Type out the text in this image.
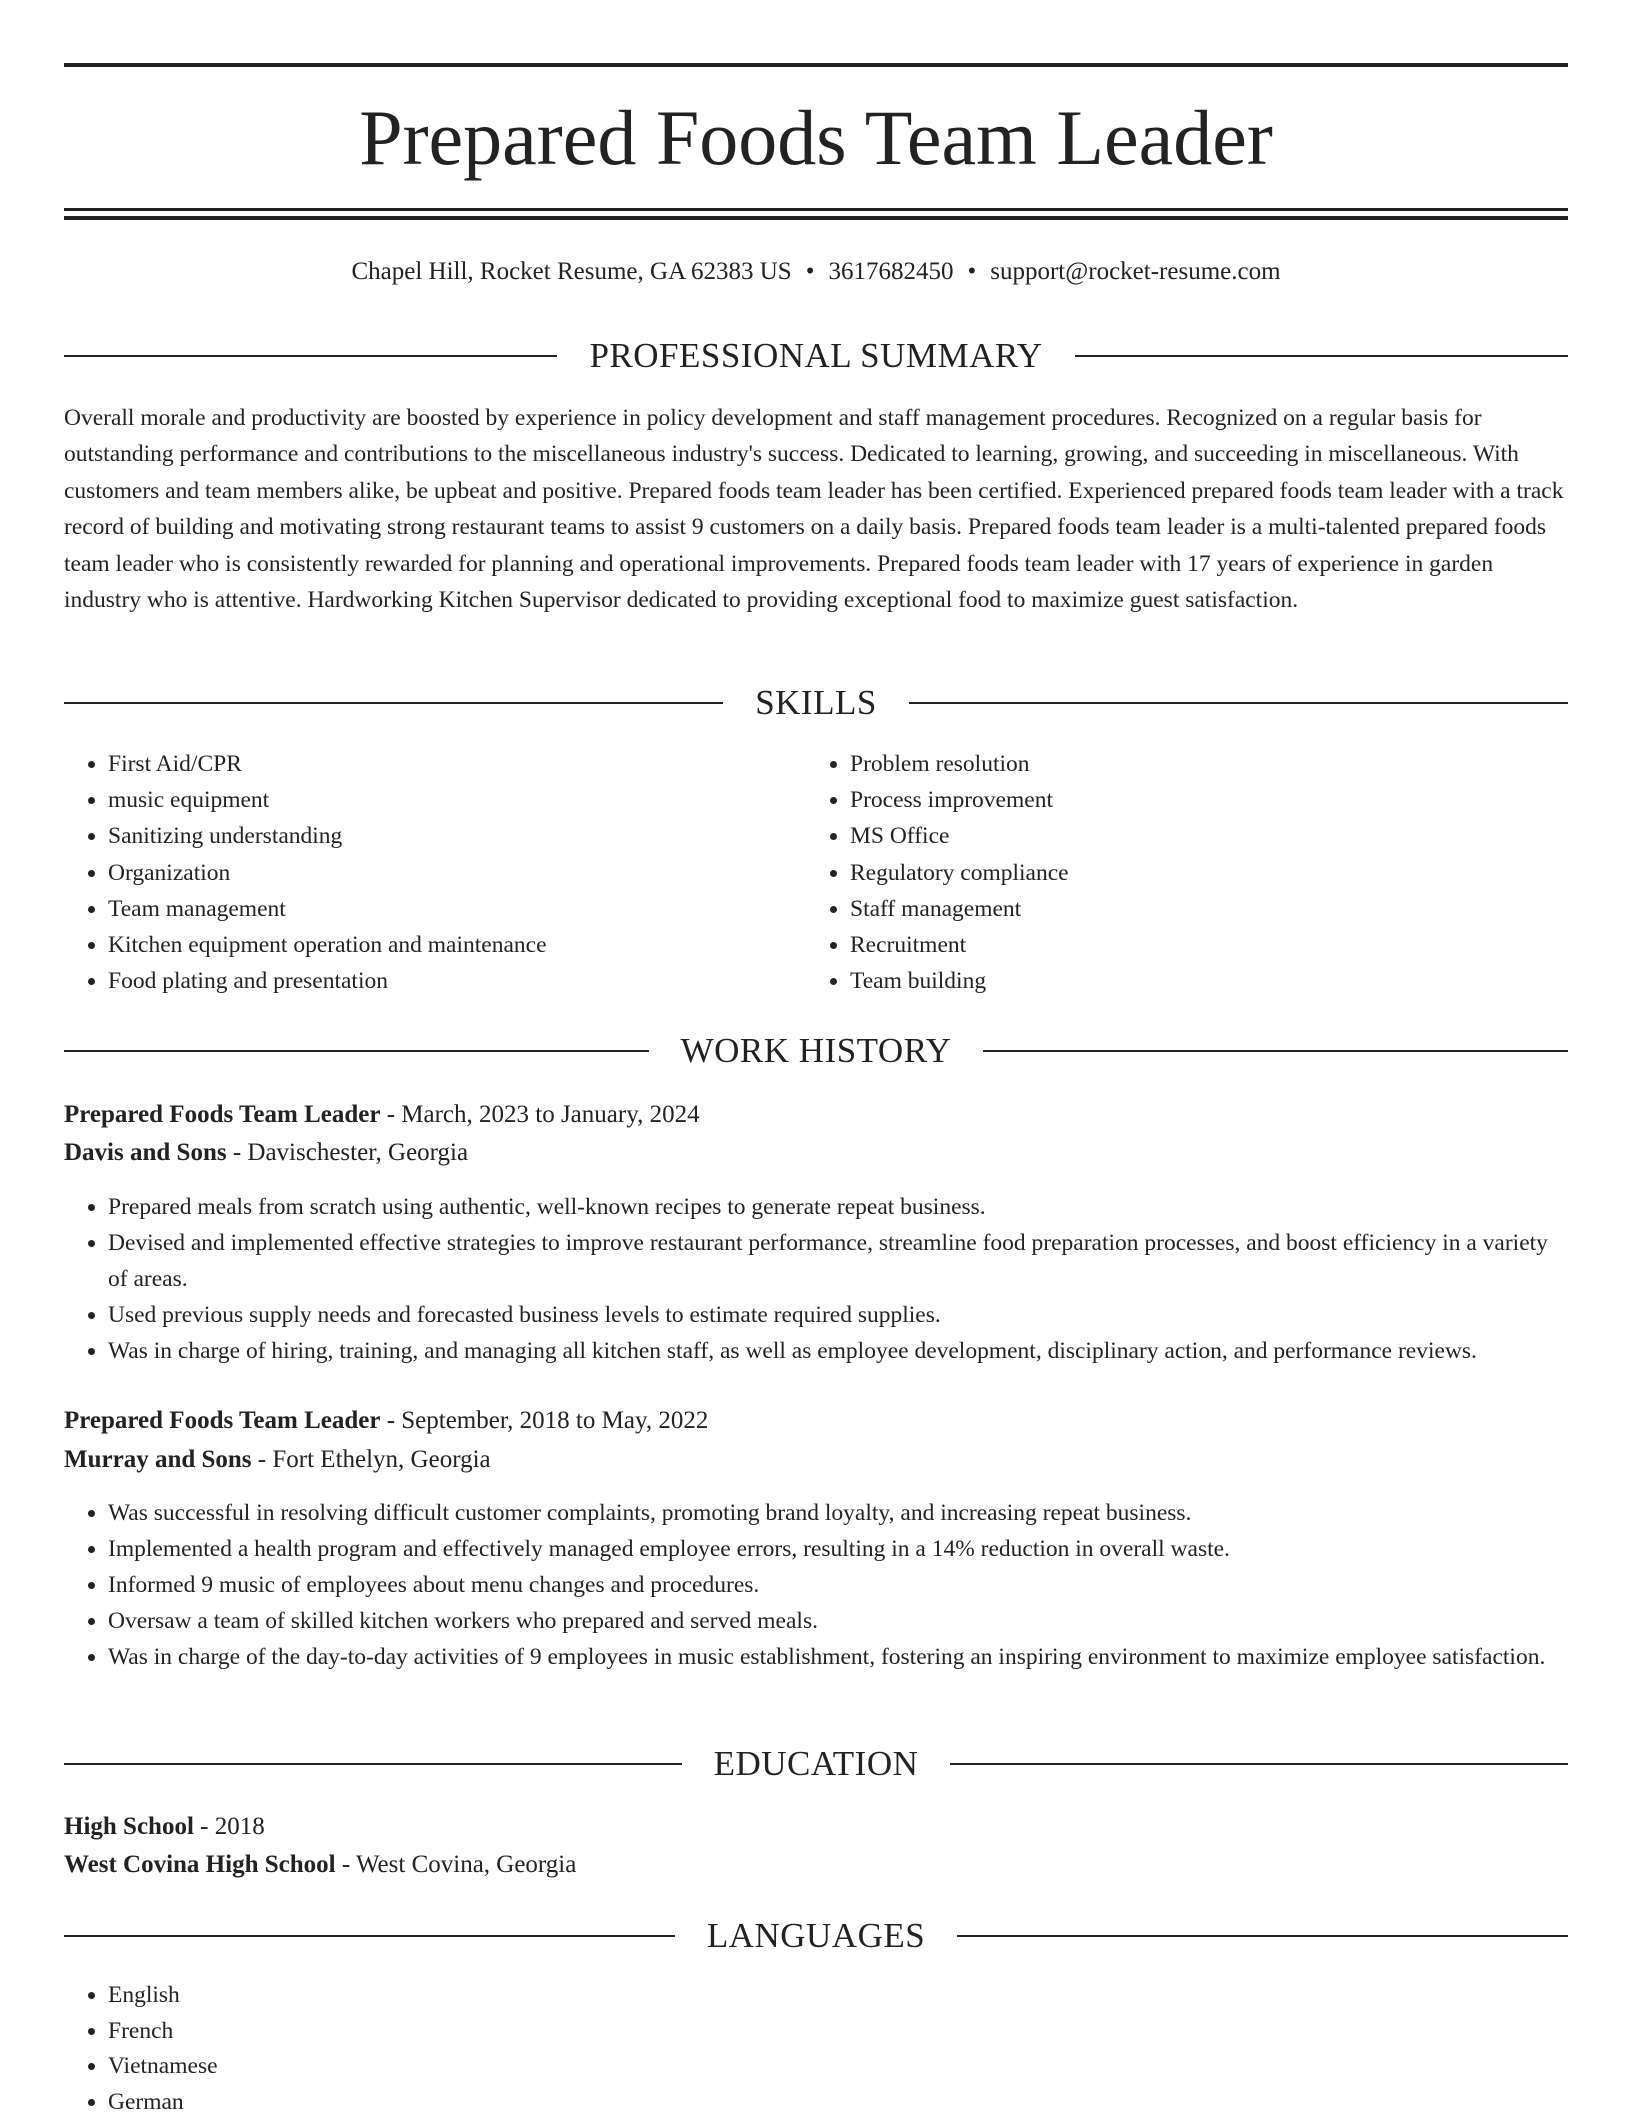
Prepared Foods Team Leader
Chapel Hill, Rocket Resume, GA 62383 US • 3617682450 • support@rocket-resume.com
PROFESSIONAL SUMMARY

Overall morale and productivity are boosted by experience in policy development and staff management procedures. Recognized on a regular basis for outstanding performance and contributions to the miscellaneous industry's success. Dedicated to learning, growing, and succeeding in miscellaneous. With customers and team members alike, be upbeat and positive. Prepared foods team leader has been certified. Experienced prepared foods team leader with a track record of building and motivating strong restaurant teams to assist 9 customers on a daily basis. Prepared foods team leader is a multi-talented prepared foods team leader who is consistently rewarded for planning and operational improvements. Prepared foods team leader with 17 years of experience in garden industry who is attentive. Hardworking Kitchen Supervisor dedicated to providing exceptional food to maximize guest satisfaction.

SKILLS
• First Aid/CPR
• music equipment
• Sanitizing understanding
• Organization
• Team management
• Kitchen equipment operation and maintenance
• Food plating and presentation
• Problem resolution
• Process improvement
• MS Office
• Regulatory compliance
• Staff management
• Recruitment
• Team building
WORK HISTORY
Prepared Foods Team Leader - March, 2023 to January, 2024
Davis and Sons - Davischester, Georgia
• Prepared meals from scratch using authentic, well-known recipes to generate repeat business.
• Devised and implemented effective strategies to improve restaurant performance, streamline food preparation processes, and boost efficiency in a variety of areas.
• Used previous supply needs and forecasted business levels to estimate required supplies.
• Was in charge of hiring, training, and managing all kitchen staff, as well as employee development, disciplinary action, and performance reviews.
Prepared Foods Team Leader - September, 2018 to May, 2022
Murray and Sons - Fort Ethelyn, Georgia
• Was successful in resolving difficult customer complaints, promoting brand loyalty, and increasing repeat business.
• Implemented a health program and effectively managed employee errors, resulting in a 14% reduction in overall waste.
• Informed 9 music of employees about menu changes and procedures.
• Oversaw a team of skilled kitchen workers who prepared and served meals.
• Was in charge of the day-to-day activities of 9 employees in music establishment, fostering an inspiring environment to maximize employee satisfaction.
EDUCATION
High School - 2018
West Covina High School - West Covina, Georgia
LANGUAGES
• English
• French
• Vietnamese
• German
